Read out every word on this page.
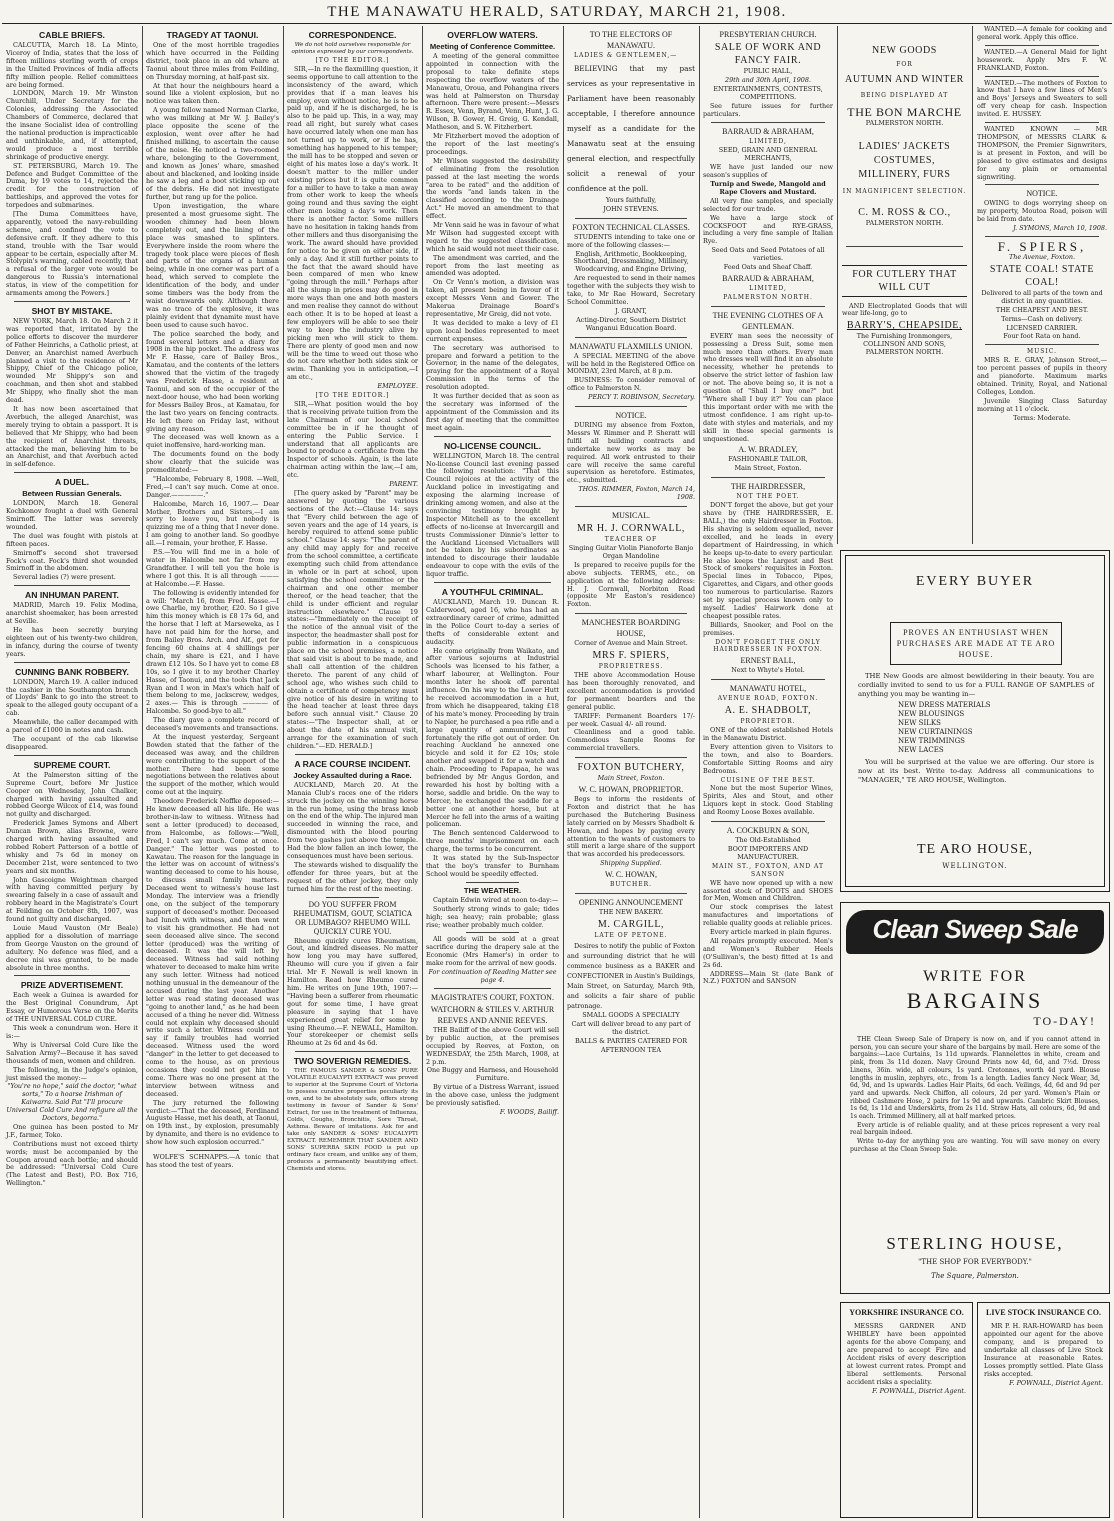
THE MANAWATU HERALD, SATURDAY, MARCH 21, 1908.
CABLE BRIEFS.

CALCUTTA, March 18. La Minto, Viceroy of India, states that the loss of fifteen millions sterling worth of crops in the United Provinces of India affects fifty million people. Relief committees are being formed.

LONDON, March 19. Mr Winston Churchill, Under Secretary for the Colonies, addressing the Associated Chambers of Commerce, declared that the insane Socialist idea of controlling the national production is impracticable and unthinkable, and, if attempted, would produce a most terrible shrinkage of productive energy.

ST. PETERSBURG, March 19. The Defence and Budget Committee of the Duma, by 19 votes to 14, rejected the credit for the construction of battleships, and approved the votes for torpedoes and submarines.

[The Duma Committees have, apparently, vetoed the navy-rebuilding scheme, and confined the vote to defensive craft. If they adhere to this stand, trouble with the Tsar would appear to be certain, especially after M. Stolypin's warning, cabled recently, that a refusal of the larger vote would be dangerous to Russia's international status, in view of the competition for armaments among the Powers.]

SHOT BY MISTAKE.

NEW YORK, March 18. On March 2 it was reported that, irritated by the police efforts to discover the murderer of Father Heinrichs, a Catholic priest, at Denver, an Anarchist named Averbuch planned a visit to the residence of Mr Shippy, Chief of the Chicago police, wounded Mr Shippy's son and coachman, and then shot and stabbed Mr Shippy, who finally shot the man dead.

It has now been ascertained that Averbuch, the alleged Anarchist, was merely trying to obtain a passport. It is believed that Mr Shippy, who had been the recipient of Anarchist threats, attacked the man, believing him to be an Anarchist, and that Averbuch acted in self-defence.

A DUEL.
Between Russian Generals.

LONDON, March 18. General Kochkonov fought a duel with General Smirnoff. The latter was severely wounded.

The duel was fought with pistols at fifteen paces.

Smirnoff's second shot traversed Fock's coat. Fock's third shot wounded Smirnoff in the abdomen.

Several ladies (?) were present.

AN INHUMAN PARENT.

MADRID, March 19. Felix Modina, anarchist shoemaker, has been arrested at Seville.

He has been secretly burying eighteen out of his twenty-two children, in infancy, during the course of twenty years.

CUNNING BANK ROBBERY.

LONDON, March 19. A caller induced the cashier in the Southampton branch of Lloyds' Bank to go into the street to speak to the alleged gouty occupant of a cab.

Meanwhile, the caller decamped with a parcel of £1000 in notes and cash.

The occupant of the cab likewise disappeared.

SUPREME COURT.

At the Palmerston sitting of the Supreme Court, before Mr Justice Cooper on Wednesday, John Chalker, charged with having assaulted and robbed George Wilcox of £14, was found not guilty and discharged.

Frederick James Symons and Albert Duncan Brown, alias Browne, were charged with having assaulted and robbed Robert Patterson of a bottle of whisky and 7s 6d in money on December 21st, were sentenced to two years and six months.

John Gascoigne Weightman charged with having committed perjury by swearing falsely in a case of assault and robbery heard in the Magistrate's Court at Feilding on October 8th, 1907, was found not guilty and discharged.

Louie Maud Vauston (Mr Beale) applied for a dissolution of marriage from George Vauston on the ground of adultery. No defence was filed, and a decree nisi was granted, to be made absolute in three months.

PRIZE ADVERTISEMENT.

Each week a Guinea is awarded for the Best Original Conundrum, Apt Essay, or Humorous Verse on the Merits of THE UNIVERSAL COLD CURE.

This week a conundrum won. Here it is:—

Why is Universal Cold Cure like the Salvation Army?—Because it has saved thousands of men, women and children.

The following, in the Judge's opinion, just missed the money:—

"You're no hope," said the doctor, "what sorts," To a hoarse Irishman of Kaiwarra. Said Pat "I'll procure Universal Cold Cure And refigure all the Doctors, begorra."

One guinea has been posted to Mr J.F., farmer, Toko.

Contributions must not exceed thirty words; must be accompanied by the Coupon around each bottle; and should be addressed: "Universal Cold Cure (The Latest and Best), P.O. Box 716, Wellington."

TRAGEDY AT TAONUI.

One of the most horrible tragedies which have occurred in the Feilding district, took place in an old whare at Taonui about three miles from Feilding, on Thursday morning, at half-past six.

At that hour the neighbours heard a sound like a violent explosion, but no notice was taken then.

A young fellow named Norman Clarke, who was milking at Mr W. J. Bailey's place opposite the scene of the explosion, went over after he had finished milking, to ascertain the cause of the noise. He noticed a two-roomed whare, belonging to the Government, and known as Jones' whare, smashed about and blackened, and looking inside he saw a leg and a boot sticking up out of the debris. He did not investigate further, but rang up for the police.

Upon investigation, the whare presented a most gruesome sight. The wooden chimney had been blown completely out, and the lining of the place was smashed to splinters. Everywhere inside the room where the tragedy took place were pieces of flesh and parts of the organs of a human being, while in one corner was part of a head, which served to complete the identification of the body, and under some timbers was the body from the waist downwards only. Although there was no trace of the explosive, it was plainly evident that dynamite must have been used to cause such havoc.

The police searched the body, and found several letters and a diary for 1908 in the hip pocket. The address was Mr F. Hasse, care of Bailey Bros., Kamatau, and the contents of the letters showed that the victim of the tragedy was Frederick Hasse, a resident at Taonui, and son of the occupier of the next-door house, who had been working for Messrs Bailey Bros., at Kamatau, for the last two years on fencing contracts. He left there on Friday last, without giving any reason.

The deceased was well known as a quiet inoffensive, hard-working man.

The documents found on the body show clearly that the suicide was premeditated:—

"Halcombe, February 8, 1908. —Well, Fred,—I can't say much. Come at once. Danger.—————."

Halcombe, March 16, 1907.— Dear Mother, Brothers and Sisters,—I am sorry to leave you, but nobody is quizzing me of a thing that I never done. I am going to another land. So goodbye all.—I remain, your brother, F. Hasse.

P.S.—You will find me in a hole of water in Halcombe not far from my Grandfather. I will tell you the hole is where I got this. It is all through ——— at Halcombe.—F. Hasse.

The following is evidently intended for a will: "March 16, from Fred. Hasse.—I owe Charlie, my brother, £20. So I give him this money which is £8 17s 6d, and the horse that I left at Marseweka, as I have not paid him for the horse, and from Bailey Bros. Arch. and Alf., get for fencing 60 chains at 4 shillings per chain, my share is £21, and I have drawn £12 10s. So I have yet to come £8 10s, so I give it to my brother Charley Hasse, of Taonui, and the tools that Jack Ryan and I won in Max's which half of them belong to me, jackscrew, wedges, 2 axes.— This is through ———— of Halcombe. So good-bye to all."

The diary gave a complete record of deceased's movements and transactions.

At the inquest yesterday, Sergeant Bowden stated that the father of the deceased was away, and the children were contributing to the support of the mother. There had been some negotiations between the relatives about the support of the mother, which would come out at the inquiry.

Theodore Frederick Noffke deposed:—He knew deceased all his life. He was brother-in-law to witness. Witness had sent a letter (produced) to deceased, from Halcombe, as follows:—"Well, Fred, I can't say much. Come at once. Danger." The letter was posted to Kawatau. The reason for the language in the letter was on account of witness's wanting deceased to come to his house, to discuss small family matters. Deceased went to witness's house last Monday. The interview was a friendly one, on the subject of the temporary support of deceased's mother. Deceased had lunch with witness, and then went to visit his grandmother. He had not seen deceased alive since. The second letter (produced) was the writing of deceased. It was the will left by deceased. Witness had said nothing whatever to deceased to make him write any such letter. Witness had noticed nothing unusual in the demeanour of the accused during the last year. Another letter was read stating deceased was "going to another land," as he had been accused of a thing he never did. Witness could not explain why deceased should write such a letter. Witness could not say if family troubles had worried deceased. Witness used the word "danger" in the letter to get deceased to come to the house, as on previous occasions they could not get him to come. There was no one present at the interview between witness and deceased.

The jury returned the following verdict:—"That the deceased, Ferdinand Auguste Hasse, met his death, at Taonui, on 19th inst., by explosion, presumably by dynamite, and there is no evidence to show how such explosion occurred."

WOLFE'S SCHNAPPS.—A tonic that has stood the test of years.

CORRESPONDENCE.

We do not hold ourselves responsible for opinions expressed by our correspondents.

[TO THE EDITOR.]

SIR,—In re the flaxmilling question, it seems opportune to call attention to the inconsistency of the award, which provides that if a man leaves his employ, even without notice, he is to be paid up, and if he is discharged, he is also to be paid up. This, in a way, may read all right, but surely what cases have occurred lately when one man has not turned up to work, or if he has, something has happened to his temper; the mill has to be stopped and seven or eight of his mates lose a day's work. It doesn't matter to the miller under existing prices but it is quite common for a miller to have to take a man away from other work to keep the wheels going round and thus saving the eight other men losing a day's work. Then there is another factor. Some millers have no hesitation in taking hands from other millers and thus disorganising the work. The award should have provided for notice to be given on either side, if only a day. And it still further points to the fact that the award should have been compared of men who knew "going through the mill." Perhaps after all the slump in prices may do good in more ways than one and both masters and men realise they cannot do without each other. It is to be hoped at least a few employers will be able to see their way to keep the industry alive by picking men who will stick to them. There are plenty of good men and now will be the time to weed out those who do not care whether both sides sink or swim. Thanking you in anticipation,—I am etc.,

EMPLOYEE.

[TO THE EDITOR.]

SIR,—What position would the boy that is receiving private tuition from the late Chairman of our local school committee be in if he thought of entering the Public Service. I understand that all applicants are bound to produce a certificate from the Inspector of schools. Again, is the late chairman acting within the law,—I am, etc.

PARENT.

[The query asked by "Parent" may be answered by quoting the various sections of the Act:—Clause 14: says that "Every child between the age of seven years and the age of 14 years, is hereby required to attend some public school." Clause 14: says: "The parent of any child may apply for and receive from the school committee, a certificate exempting such child from attendance in whole or in part at school, upon satisfying the school committee or the chairman and one other member thereof, or the head teacher, that the child is under efficient and regular instruction elsewhere." Clause 19 states:—"Immediately on the receipt of the notice of the annual visit of the inspector, the headmaster shall post for public information in a conspicuous place on the school premises, a notice that said visit is about to be made, and shall call attention of the children thereto. The parent of any child of school age, who wishes such child to obtain a certificate of competency must give notice of his desire in writing to the head teacher at least three days before such annual visit." Clause 20 states:—"The Inspector shall, at or about the date of his annual visit, arrange for the examination of such children."—ED. HERALD.]

A RACE COURSE INCIDENT.
Jockey Assaulted during a Race.

AUCKLAND, March 20. At the Manaia Club's races one of the riders struck the jockey on the winning horse in the run home, using the brass knob on the end of the whip. The injured man succeeded in winning the race, and dismounted with the blood pouring from two gashes just above the temple. Had the blow fallen an inch lower, the consequences must have been serious.

The stewards wished to disqualify the offender for three years, but at the request of the other jockey, they only turned him for the rest of the meeting.

DO YOU SUFFER FROM RHEUMATISM, GOUT, SCIATICA OR LUMBAGO? RHEUMO WILL QUICKLY CURE YOU.

Rheumo quickly cures Rheumatism, Gout, and kindred diseases. No matter how long you may have suffered, Rheumo will cure you if given a fair trial. Mr F. Newall is well known in Hamilton. Read how Rheumo cured him. He writes on June 19th, 1907:— "Having been a sufferer from rheumatic gout for some time, I have great pleasure in saying that I have experienced great relief for some by using Rheumo.—F. NEWALL, Hamilton. Your storekeeper or chemist sells Rheumo at 2s 6d and 4s 6d.

TWO SOVERIGN REMEDIES.

THE FAMOUS SANDER & SONS' PURE VOLATILE EUCALYPTI EXTRACT was proved to superior at the Supreme Court of Victoria to possess curative properties peculiarly its own, and to be absolutely safe, offers strong testimony in favour of Sander & Sons' Extract, for use in the treatment of Influenza, Colds, Coughs, Bronchitis, Sore Throat, Asthma. Beware of imitations. Ask for and take only SANDER & SONS' EUCALYPTI EXTRACT. REMEMBER THAT SANDER AND SONS' SUPERBA SKIN FOOD is put up ordinary face cream, and unlike any of them, produces a permanently beautifying effect. Chemists and stores.

OVERFLOW WATERS.
Meeting of Conference Committee.

A meeting of the general committee appointed in connection with the proposal to take definite steps respecting the overflow waters of the Manawatu, Oroua, and Pohangina rivers was held at Palmerston on Thursday afternoon. There were present:—Messrs R. Essex, Venn, Byrand, Venn, Hunt, J. G. Wilson, B. Gower, H. Greig, G. Kendall, Matheson, and S. W. Fitzherbert.

Mr Fitzherbert moved the adoption of the report of the last meeting's proceedings.

Mr Wilson suggested the desirability of eliminating from the resolution passed at the last meeting the words "area to be rated" and the addition of the words "and lands taken in the classified according to the Drainage Act." He moved an amendment to that effect.

Mr Venn said he was in favour of what Mr Wilson had suggested except with regard to the suggested classification, which he said would not meet their case.

The amendment was carried, and the report from the last meeting as amended was adopted.

On Cr Venn's motion, a division was taken, all present being in favour of it except Messrs Venn and Gower. The Makerua Drainage Board's representative, Mr Greig, did not vote.

It was decided to make a levy of £1 upon local bodies represented to meet current expenses.

The secretary was authorised to prepare and forward a petition to the Governor, in the name of the delegates, praying for the appointment of a Royal Commission in the terms of the resolution adopted.

It was further decided that as soon as the secretary was informed of the appointment of the Commission and its first day of meeting that the committee meet again.

NO-LICENSE COUNCIL.

WELLINGTON, March 18. The central No-license Council last evening passed the following resolution: "That this Council rejoices at the activity of the Auckland police in investigating and exposing the alarming increase of drinking among women, and also at the convincing testimony brought by Inspector Mitchell as to the excellent effects of no-license at Invercargill and trusts Commissioner Dinnie's letter to the Auckland Licensed Victuallers will not be taken by his subordinates as intended to discourage their laudable endeavour to cope with the evils of the liquor traffic.

A YOUTHFUL CRIMINAL.

AUCKLAND, March 19. Duncan R. Calderwood, aged 16, who has had an extraordinary career of crime, admitted in the Police Court to-day a series of thefts of considerable extent and audacity.

He come originally from Waikato, and after various sojourns at Industrial Schools was licensed to his father, a wharf labourer, at Wellington. Four months later he shook off parental influence. On his way to the Lower Hutt he received accommodation in a hut, from which he disappeared, taking £18 of his mate's money. Proceeding by train to Napier, he purchased a pea rifle and a large quantity of ammunition, but fortunately the rifle got out of order. On reaching Auckland he annexed one bicycle and sold it for £2 10s; stole another and swapped it for a watch and chain. Proceeding to Papapaa, he was befriended by Mr Angus Gordon, and rewarded his host by bolting with a horse, saddle and bridle. On the way to Mercer, he exchanged the saddle for a better one at another horse, but at Mercer he fell into the arms of a waiting policeman.

The Bench sentenced Calderwood to three months' imprisonment on each charge, the terms to be concurrent.

It was stated by the Sub-Inspector that the boy's transfer to Burnham School would be speedily effected.

THE WEATHER.

Captain Edwin wired at noon to-day:—

Southerly strong winds to gale; tides high; sea heavy; rain probable; glass rise; weather probably much colder.

All goods will be sold at a great sacrifice during the drapery sale at the Economic (Mrs Hamer's) in order to make room for the arrival of new goods.

For continuation of Reading Matter see page 4.

MAGISTRATE'S COURT, FOXTON.

WATCHORN & STILES V. ARTHUR REEVES AND ANNIE REEVES.

THE Bailiff of the above Court will sell by public auction, at the premises occupied by Reeves, at Foxton, on WEDNESDAY, the 25th March, 1908, at 2 p.m.

One Buggy and Harness, and Household Furniture.

By virtue of a Distress Warrant, issued in the above case, unless the judgment be previously satisfied.

F. WOODS, Bailiff.

TO THE ELECTORS OF MANAWATU.

LADIES & GENTLEMEN,—

BELIEVING that my past services as your representative in Parliament have been reasonably acceptable, I therefore announce myself as a candidate for the Manawatu seat at the ensuing general election, and respectfully solicit a renewal of your confidence at the poll.

Yours faithfully,

JOHN STEVENS.

FOXTON TECHNICAL CLASSES.

STUDENTS intending to take one or more of the following classes:—

English, Arithmetic, Bookkeeping, Shorthand, Dressmaking, Millinery, Woodcarving, and Engine Driving,

Are requested to send in their names together with the subjects they wish to take, to Mr Rae Howard, Secretary School Committee.

J. GRANT,

Acting-Director, Southern District Wanganui Education Board.

MANAWATU FLAXMILLS UNION.

A SPECIAL MEETING of the above will be held in the Registered Office on MONDAY, 23rd March, at 8 p.m.

BUSINESS: To consider removal of office to Palmerston N.

PERCY T. ROBINSON, Secretary.

NOTICE.

DURING my absence from Foxton, Messrs W. Rimmer and P. Sheratt will fulfil all building contracts and undertake new works as may be required. All work entrusted to their care will receive the same careful supervision as heretofore. Estimates, etc., submitted.

THOS. RIMMER, Foxton, March 14, 1908.

MUSICAL.

MR H. J. CORNWALL,

TEACHER OF

Singing Guitar Violin Pianoforte Banjo Organ Mandoline

Is prepared to receive pupils for the above subjects. TERMS, etc., on application at the following address: H. J. Cornwall, Norbiton Road (opposite Mr Easton's residence) Foxton.

MANCHESTER BOARDING HOUSE,

Corner of Avenue and Main Street.

MRS F. SPIERS,

PROPRIETRESS.

THE above Accommodation House has been thoroughly renovated, and excellent accommodation is provided for permanent boarders and the general public.

TARIFF: Permanent Boarders 17/- per week. Casual 4/- all round.

Cleanliness and a good table. Commodious Sample Rooms for commercial travellers.

FOXTON BUTCHERY,

Main Street, Foxton.

W. C. HOWAN, PROPRIETOR.

Begs to inform the residents of Foxton and district that he has purchased the Butchering Business lately carried on by Messrs Shadbolt & Howan, and hopes by paying every attention to the wants of customers to still merit a large share of the support that was accorded his predecessors.

Shipping Supplied.

W. C. HOWAN,

BUTCHER.

OPENING ANNOUNCEMENT

THE NEW BAKERY.

M. CARGILL,

LATE OF PETONE.

Desires to notify the public of Foxton and surrounding district that he will commence business as a BAKER and CONFECTIONER in Austin's Buildings, Main Street, on Saturday, March 9th, and solicits a fair share of public patronage.

SMALL GOODS A SPECIALTY

Cart will deliver bread to any part of the district.

BALLS & PARTIES CATERED FOR

AFTERNOON TEA

PRESBYTERIAN CHURCH.

SALE OF WORK AND FANCY FAIR.

PUBLIC HALL,

29th and 30th April, 1908.

ENTERTAINMENTS, CONTESTS, COMPETITIONS.

See future issues for further particulars.

BARRAUD & ABRAHAM,

LIMITED,

SEED, GRAIN AND GENERAL MERCHANTS,

WE have just landed our new season's supplies of

Turnip and Swede, Mangold and Rape Clovers and Mustard.

All very fine samples, and specially selected for our trade.

We have a large stock of COCKSFOOT and RYE-GRASS, including a very fine sample of Italian Rye.

Seed Oats and Seed Potatoes of all varieties.

Feed Oats and Sheaf Chaff.

BARRAUD & ABRAHAM,

LIMITED,

PALMERSTON NORTH.

THE EVENING CLOTHES OF A GENTLEMAN.

EVERY man sees the necessity of possessing a Dress Suit, some men much more than others. Every man who dresses well will find it an absolute necessity, whether he pretends to observe the strict letter of fashion law or not. The above being so, it is not a question of "Shall I buy one?" but "Where shall I buy it?" You can place this important order with me with the utmost confidence. I am right up-to-date with styles and materials, and my skill in these special garments is unquestioned.

A. W. BRADLEY,

FASHIONABLE TAILOR,

Main Street, Foxton.

THE HAIRDRESSER,

NOT THE POET.

DON'T forget the above, but get your shave by (THE HAIRDRESSER, E. BALL,) the only Hairdresser in Foxton. His shaving is seldom equalled, never excelled, and he leads in every department of Hairdressing, in which he keeps up-to-date to every particular. He also keeps the Largest and Best Stock of smokers' requisites in Foxton. Special lines in Tobacco, Pipes, Cigarettes, and Cigars, and other goods too numerous to particularise. Razors set by special process known only to myself. Ladies' Hairwork done at cheapest possible rates.

Billiards, Snooker, and Pool on the premises.

DON'T FORGET THE ONLY HAIRDRESSER IN FOXTON.

ERNEST BALL,

Next to Whyte's Hotel.

MANAWATU HOTEL,

AVENUE ROAD, FOXTON.

A. E. SHADBOLT,

PROPRIETOR.

ONE of the oldest established Hotels in the Manawatu District.

Every attention given to Visitors to the town, and also to Boarders. Comfortable Sitting Rooms and airy Bedrooms.

CUISINE OF THE BEST.

None but the most Superior Wines, Spirits, Ales and Stout, and other Liquors kept in stock. Good Stabling and Roomy Loose Boxes available.

A. COCKBURN & SON,

The Old-Established

BOOT IMPORTERS AND MANUFACTURER.

MAIN ST., FOXTON, AND AT SANSON

WE have now opened up with a new assorted stock of BOOTS and SHOES for Men, Women and Children.

Our stock comprises the latest manufactures and importations of reliable quality goods at reliable prices.

Every article marked in plain figures.

All repairs promptly executed. Men's and Women's Rubber Heels (O'Sullivan's, the best) fitted at 1s and 2s 6d.

ADDRESS—Main St (late Bank of N.Z.) FOXTON and SANSON

NEW GOODS

FOR

AUTUMN AND WINTER

BEING DISPLAYED AT

THE BON MARCHE

PALMERSTON NORTH.

LADIES' JACKETS COSTUMES, MILLINERY, FURS

IN MAGNIFICENT SELECTION.

C. M. ROSS & CO.,

PALMERSTON NORTH.

FOR CUTLERY THAT WILL CUT

AND Electroplated Goods that will wear life-long, go to

BARRY'S, CHEAPSIDE,

The Furnishing Ironmongers, COLLINSON AND SONS, PALMERSTON NORTH.

WANTED.—A female for cooking and general work. Apply this office.

WANTED.—A General Maid for light housework. Apply Mrs F. W. FRANKLAND, Foxton.

WANTED.—The mothers of Foxton to know that I have a few lines of Men's and Boys' Jerseys and Sweaters to sell off very cheap for cash. Inspection invited. E. HUSSEY.

WANTED KNOWN — MR THOMPSON, of MESSRS CLARK & THOMPSON, the Premier Signwriters, is at present in Foxton, and will be pleased to give estimates and designs for any plain or ornamental signwriting.

NOTICE.

OWING to dogs worrying sheep on my property, Moutoa Road, poison will be laid from date.

J. SYMONS, March 10, 1908.

F. SPIERS,

The Avenue, Foxton.

STATE COAL! STATE COAL!

Delivered to all parts of the town and district in any quantities.

THE CHEAPEST AND BEST.

Terms—Cash on delivery.

LICENSED CARRIER.

Four foot Rata on hand.

MUSIC.

MRS R. E. GRAY, Johnson Street,—too percent passes of pupils in theory and pianoforte. Maximum marks obtained. Trinity, Royal, and National Colleges, London.

Juvenile Singing Class Saturday morning at 11 o'clock.

Terms: Moderate.

EVERY BUYER
PROVES AN ENTHUSIAST WHEN PURCHASES ARE MADE AT TE ARO HOUSE.

THE New Goods are almost bewildering in their beauty. You are cordially invited to send to us for a FULL RANGE OF SAMPLES of anything you may be wanting in—

NEW DRESS MATERIALS
NEW BLOUSINGS
NEW SILKS
NEW CURTAININGS
NEW TRIMMINGS
NEW LACES

You will be surprised at the value we are offering. Our store is now at its best. Write to-day. Address all communications to "MANAGER," TE ARO HOUSE, Wellington.

TE ARO HOUSE,
WELLINGTON.
Clean Sweep Sale
WRITE FOR
BARGAINS
TO-DAY!

THE Clean Sweep Sale of Drapery is now on, and if you cannot attend in person, you can secure your share of the bargains by mail. Here are some of the bargains:—Lace Curtains, 1s 11d upwards. Flannelettes in white, cream and pink, from 3s 11d dozen. Navy Ground Prints now 4d, 6d, and 7½d. Dress Linens, 36in. wide, all colours, 1s yard. Cretonnes, worth 4d yard. Blouse lengths in muslin, zephyrs, etc., from 1s a length. Ladies fancy Neck Wear, 3d, 6d, 9d, and 1s upwards. Ladies Hair Plaits, 6d each. Veilings, 4d, 6d and 9d per yard and upwards. Neck Chiffon, all colours, 2d per yard. Women's Plain or ribbed Cashmere Hose, 2 pairs for 1s 9d and upwards. Cambric Skirt Blouses, 1s 6d, 1s 11d and Underskirts, from 2s 11d. Straw Hats, all colours, 6d, 9d and 1s each. Trimmed Millinery, all at half marked prices.

Every article is of reliable quality, and at these prices represent a very real real bargain indeed.

Write to-day for anything you are wanting. You will save money on every purchase at the Clean Sweep Sale.

STERLING HOUSE,
"THE SHOP FOR EVERYBODY."
The Square, Palmerston.

YORKSHIRE INSURANCE CO.

MESSRS GARDNER AND WHIBLEY have been appointed agents for the above Company, and are prepared to accept Fire and Accident risks of every description at lowest current rates. Prompt and liberal settlements. Personal accident risks a speciality.

F. POWNALL, District Agent.

LIVE STOCK INSURANCE CO.

MR P. H. RAR-HOWARD has been appointed our agent for the above company, and is prepared to undertake all classes of Live Stock Insurance at reasonable Rates. Losses promptly settled. Plate Glass risks accepted.

F. POWNALL, District Agent.
